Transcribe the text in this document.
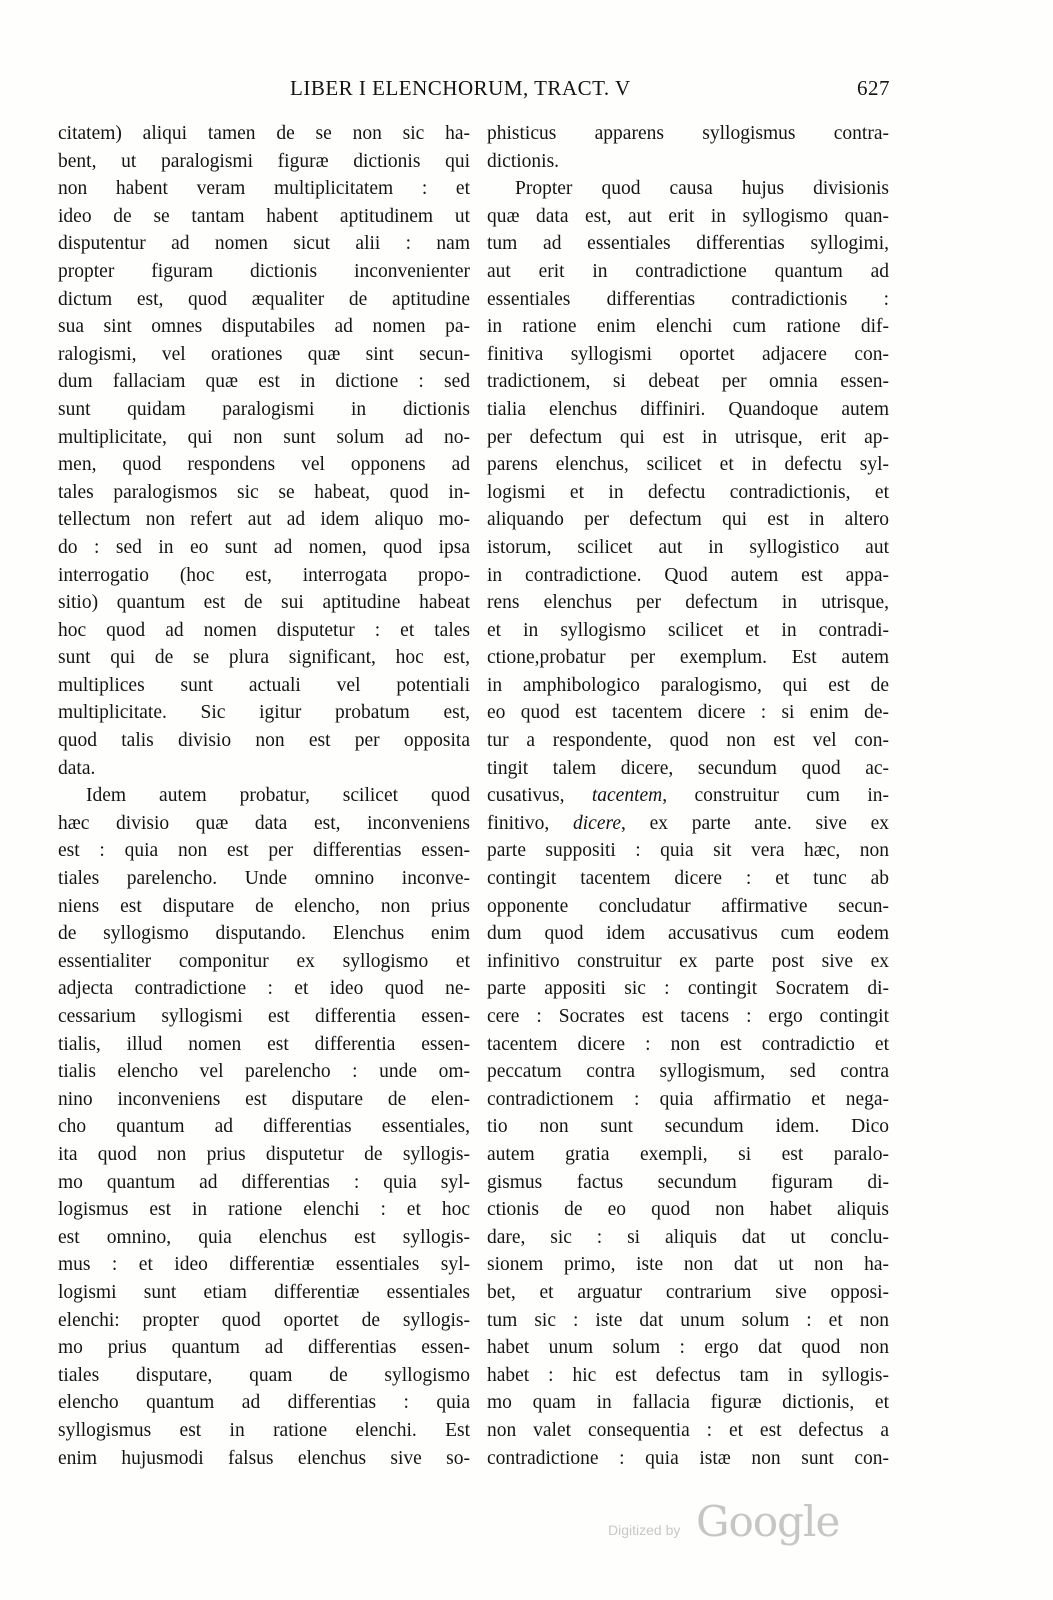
LIBER I ELENCHORUM, TRACT. V	627

citatem) aliqui tamen de se non sic ha-

bent, ut paralogismi figuræ dictionis qui

non habent veram multiplicitatem : et

ideo de se tantam habent aptitudinem ut

disputentur ad nomen sicut alii : nam

propter figuram dictionis inconvenienter

dictum est, quod æqualiter de aptitudine

sua sint omnes disputabiles ad nomen pa-

ralogismi, vel orationes quæ sint secun-

dum fallaciam quæ est in dictione : sed

sunt quidam paralogismi in dictionis

multiplicitate, qui non sunt solum ad no-

men, quod respondens vel opponens ad

tales paralogismos sic se habeat, quod in-

tellectum non refert aut ad idem aliquo mo-

do : sed in eo sunt ad nomen, quod ipsa

interrogatio (hoc est, interrogata propo-

sitio) quantum est de sui aptitudine habeat

hoc quod ad nomen disputetur : et tales

sunt qui de se plura significant, hoc est,

multiplices sunt actuali vel potentiali

multiplicitate. Sic igitur probatum est,

quod talis divisio non est per opposita

data.

Idem autem probatur, scilicet quod

hæc divisio quæ data est, inconveniens

est : quia non est per differentias essen-

tiales parelencho. Unde omnino inconve-

niens est disputare de elencho, non prius

de syllogismo disputando. Elenchus enim

essentialiter componitur ex syllogismo et

adjecta contradictione : et ideo quod ne-

cessarium syllogismi est differentia essen-

tialis, illud nomen est differentia essen-

tialis elencho vel parelencho : unde om-

nino inconveniens est disputare de elen-

cho quantum ad differentias essentiales,

ita quod non prius disputetur de syllogis-

mo quantum ad differentias : quia syl-

logismus est in ratione elenchi : et hoc

est omnino, quia elenchus est syllogis-

mus : et ideo differentiæ essentiales syl-

logismi sunt etiam differentiæ essentiales

elenchi: propter quod oportet de syllogis-

mo prius quantum ad differentias essen-

tiales disputare, quam de syllogismo

elencho quantum ad differentias : quia

syllogismus est in ratione elenchi. Est

enim hujusmodi falsus elenchus sive so-

phisticus apparens syllogismus contra-

dictionis.

Propter quod causa hujus divisionis

quæ data est, aut erit in syllogismo quan-

tum ad essentiales differentias syllogimi,

aut erit in contradictione quantum ad

essentiales differentias contradictionis :

in ratione enim elenchi cum ratione dif-

finitiva syllogismi oportet adjacere con-

tradictionem, si debeat per omnia essen-

tialia elenchus diffiniri. Quandoque autem

per defectum qui est in utrisque, erit ap-

parens elenchus, scilicet et in defectu syl-

logismi et in defectu contradictionis, et

aliquando per defectum qui est in altero

istorum, scilicet aut in syllogistico aut

in contradictione. Quod autem est appa-

rens elenchus per defectum in utrisque,

et in syllogismo scilicet et in contradi-

ctione,probatur per exemplum. Est autem

in amphibologico paralogismo, qui est de

eo quod est tacentem dicere : si enim de-

tur a respondente, quod non est vel con-

tingit talem dicere, secundum quod ac-

cusativus, tacentem, construitur cum in-

finitivo, dicere, ex parte ante. sive ex

parte suppositi : quia sit vera hæc, non

contingit tacentem dicere : et tunc ab

opponente concludatur affirmative secun-

dum quod idem accusativus cum eodem

infinitivo construitur ex parte post sive ex

parte appositi sic : contingit Socratem di-

cere : Socrates est tacens : ergo contingit

tacentem dicere : non est contradictio et

peccatum contra syllogismum, sed contra

contradictionem : quia affirmatio et nega-

tio non sunt secundum idem. Dico

autem gratia exempli, si est paralo-

gismus factus secundum figuram di-

ctionis de eo quod non habet aliquis

dare, sic : si aliquis dat ut conclu-

sionem primo, iste non dat ut non ha-

bet, et arguatur contrarium sive opposi-

tum sic : iste dat unum solum : et non

habet unum solum : ergo dat quod non

habet : hic est defectus tam in syllogis-

mo quam in fallacia figuræ dictionis, et

non valet consequentia : et est defectus a

contradictione : quia istæ non sunt con-

Digitized by Google
